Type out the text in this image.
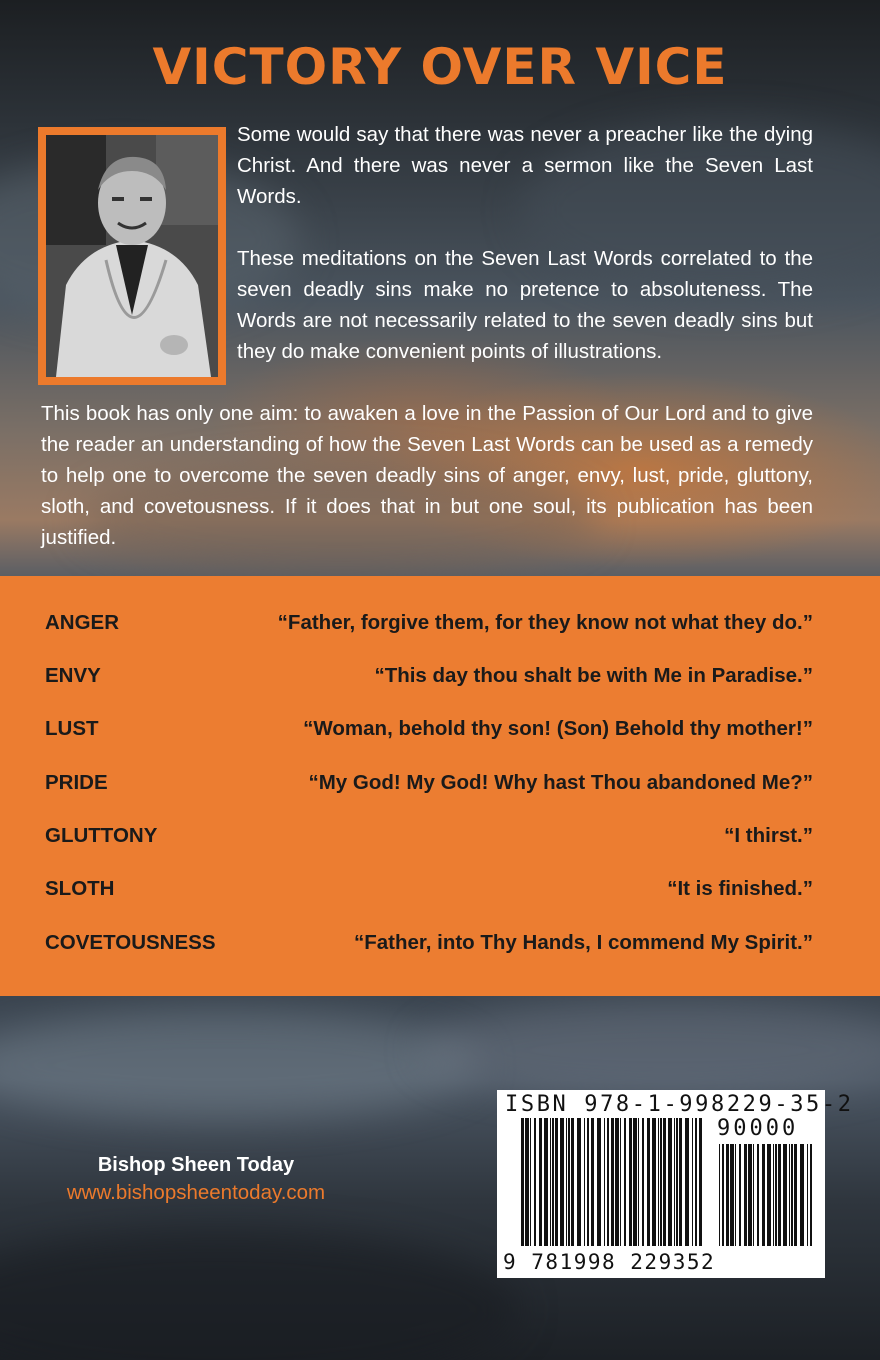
VICTORY OVER VICE

Some would say that there was never a preacher like the dying Christ. And there was never a sermon like the Seven Last Words.

These meditations on the Seven Last Words correlated to the seven deadly sins make no pretence to absoluteness. The Words are not necessarily related to the seven deadly sins but they do make convenient points of illustrations.

This book has only one aim: to awaken a love in the Passion of Our Lord and to give the reader an understanding of how the Seven Last Words can be used as a remedy to help one to overcome the seven deadly sins of anger, envy, lust, pride, gluttony, sloth, and covetousness. If it does that in but one soul, its publication has been justified.

ANGER	“Father, forgive them, for they know not what they do.”
ENVY	“This day thou shalt be with Me in Paradise.”
LUST	“Woman, behold thy son! (Son) Behold thy mother!”
PRIDE	“My God! My God! Why hast Thou abandoned Me?”
GLUTTONY	“I thirst.”
SLOTH	“It is finished.”
COVETOUSNESS	“Father, into Thy Hands, I commend My Spirit.”

Bishop Sheen Today

www.bishopsheentoday.com

ISBN 978-1-998229-35-2

90000

9 781998 229352
